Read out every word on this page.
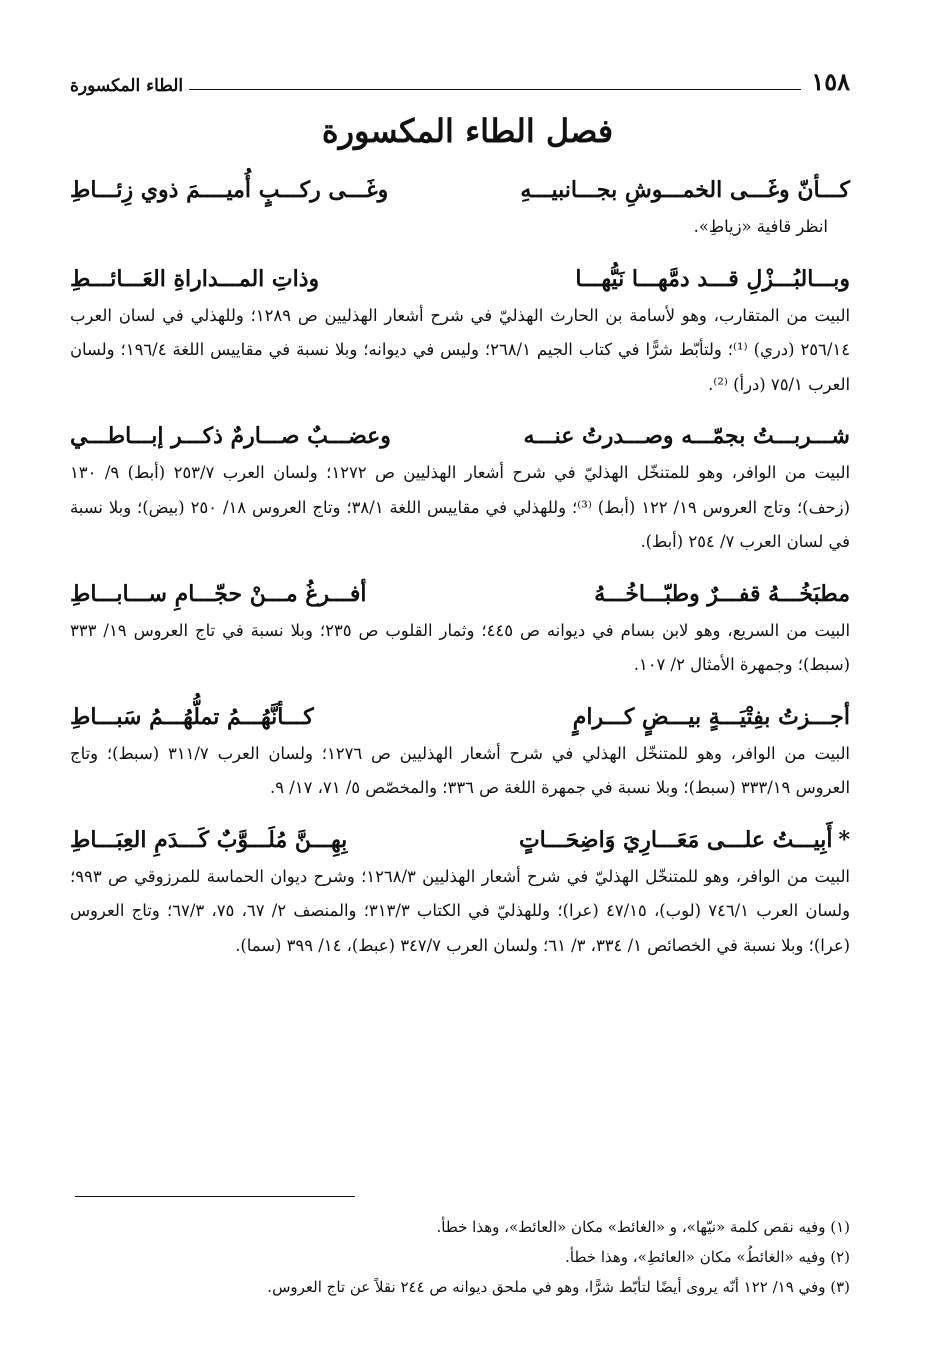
١٥٨
الطاء المكسورة
فصل الطاء المكسورة
كـــأنّ وغَـــى الخمـــوشِ بجـــانبيـــهِ
وغَـــى ركـــبٍ أُميــــمَ ذوي زِئـــاطِ
انظر قافية «زياطِ».
وبـــالبُـــزْلِ قـــد دمَّهـــا نَيُّهـــا
وذاتِ المـــداراةِ العَـــائـــطِ
البيت من المتقارب، وهو لأسامة بن الحارث الهذليّ في شرح أشعار الهذليين ص ١٢٨٩؛ وللهذلي في لسان العرب ٢٥٦/١٤ (دري) ⁽¹⁾؛ ولتأبّط شرًّا في كتاب الجيم ٢٦٨/١؛ وليس في ديوانه؛ وبلا نسبة في مقاييس اللغة ١٩٦/٤؛ ولسان العرب ٧٥/١ (درأ) ⁽²⁾.
شـــربـــتُ بجمّـــه وصـــدرتُ عنـــه
وعضـــبٌ صـــارمٌ ذكـــر إبـــاطـــي
البيت من الوافر، وهو للمتنخّل الهذليّ في شرح أشعار الهذليين ص ١٢٧٢؛ ولسان العرب ٢٥٣/٧ (أبط) ٩/ ١٣٠ (زحف)؛ وتاج العروس ١٩/ ١٢٢ (أبط) ⁽³⁾؛ وللهذلي في مقاييس اللغة ٣٨/١؛ وتاج العروس ١٨/ ٢٥٠ (بيض)؛ وبلا نسبة في لسان العرب ٧/ ٢٥٤ (أبط).
مطبَخُـــهُ قفـــرٌ وطبّـــاخُـــهُ
أفـــرغُ مـــنْ حجّـــامِ ســـابـــاطِ
البيت من السريع، وهو لابن بسام في ديوانه ص ٤٤٥؛ وثمار القلوب ص ٢٣٥؛ وبلا نسبة في تاج العروس ١٩/ ٣٣٣ (سبط)؛ وجمهرة الأمثال ٢/ ١٠٧.
أجـــزتُ بفِتْيَـــةٍ بيـــضٍ كـــرامٍ
كـــأنَّهُـــمُ تملُّهُـــمُ سَبـــاطِ
البيت من الوافر، وهو للمتنخّل الهذلي في شرح أشعار الهذليين ص ١٢٧٦؛ ولسان العرب ٣١١/٧ (سبط)؛ وتاج العروس ٣٣٣/١٩ (سبط)؛ وبلا نسبة في جمهرة اللغة ص ٣٣٦؛ والمخصّص ٥/ ٧١، ١٧/ ٩.
*أَبِيـــتُ علـــى مَعَـــارِيَ وَاضِحَـــاتٍ
بِهِـــنَّ مُلَـــوَّبٌ كَـــدَمِ العِبَـــاطِ
البيت من الوافر، وهو للمتنخّل الهذليّ في شرح أشعار الهذليين ١٢٦٨/٣؛ وشرح ديوان الحماسة للمرزوقي ص ٩٩٣؛ ولسان العرب ٧٤٦/١ (لوب)، ٤٧/١٥ (عرا)؛ وللهذليّ في الكتاب ٣١٣/٣؛ والمنصف ٢/ ٦٧، ٧٥، ٦٧/٣؛ وتاج العروس (عرا)؛ وبلا نسبة في الخصائص ١/ ٣٣٤، ٣/ ٦١؛ ولسان العرب ٣٤٧/٧ (عبط)، ١٤/ ٣٩٩ (سما).
(١) وفيه نقص كلمة «نيّها»، و «الغائط» مكان «العائط»، وهذا خطأ.
(٢) وفيه «الغائطُ» مكان «العائطِ»، وهذا خطأ.
(٣) وفي ١٩/ ١٢٢ أنّه يروى أيضًا لتأبّط شرًّا، وهو في ملحق ديوانه ص ٢٤٤ نقلاً عن تاج العروس.
